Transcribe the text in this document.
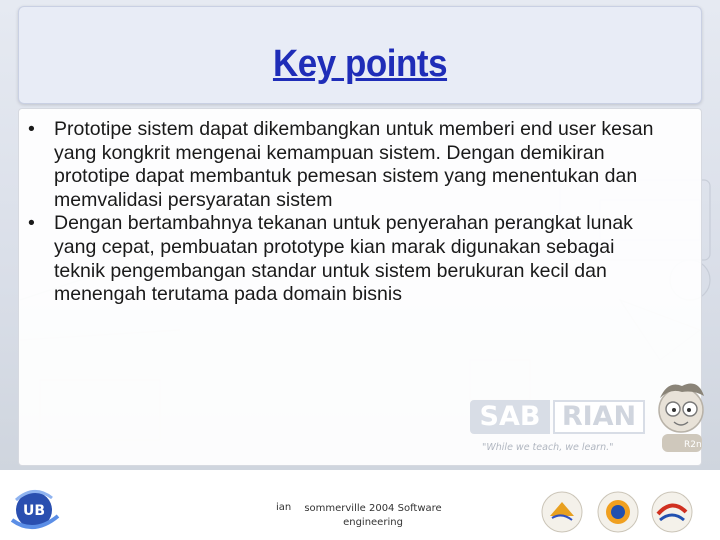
Key points
• Prototipe sistem dapat dikembangkan untuk memberi end user kesan yang kongkrit mengenai kemampuan sistem. Dengan demikiran prototipe dapat membantuk pemesan sistem yang menentukan dan memvalidasi persyaratan sistem
• Dengan bertambahnya tekanan untuk penyerahan perangkat lunak yang cepat, pembuatan prototype kian marak digunakan sebagai teknik pengembangan standar untuk sistem berukuran kecil dan menengah terutama pada domain bisnis
SAB RIAN
"While we teach, we learn."	R2n
UB	ian	sommerville 2004 Software engineering
